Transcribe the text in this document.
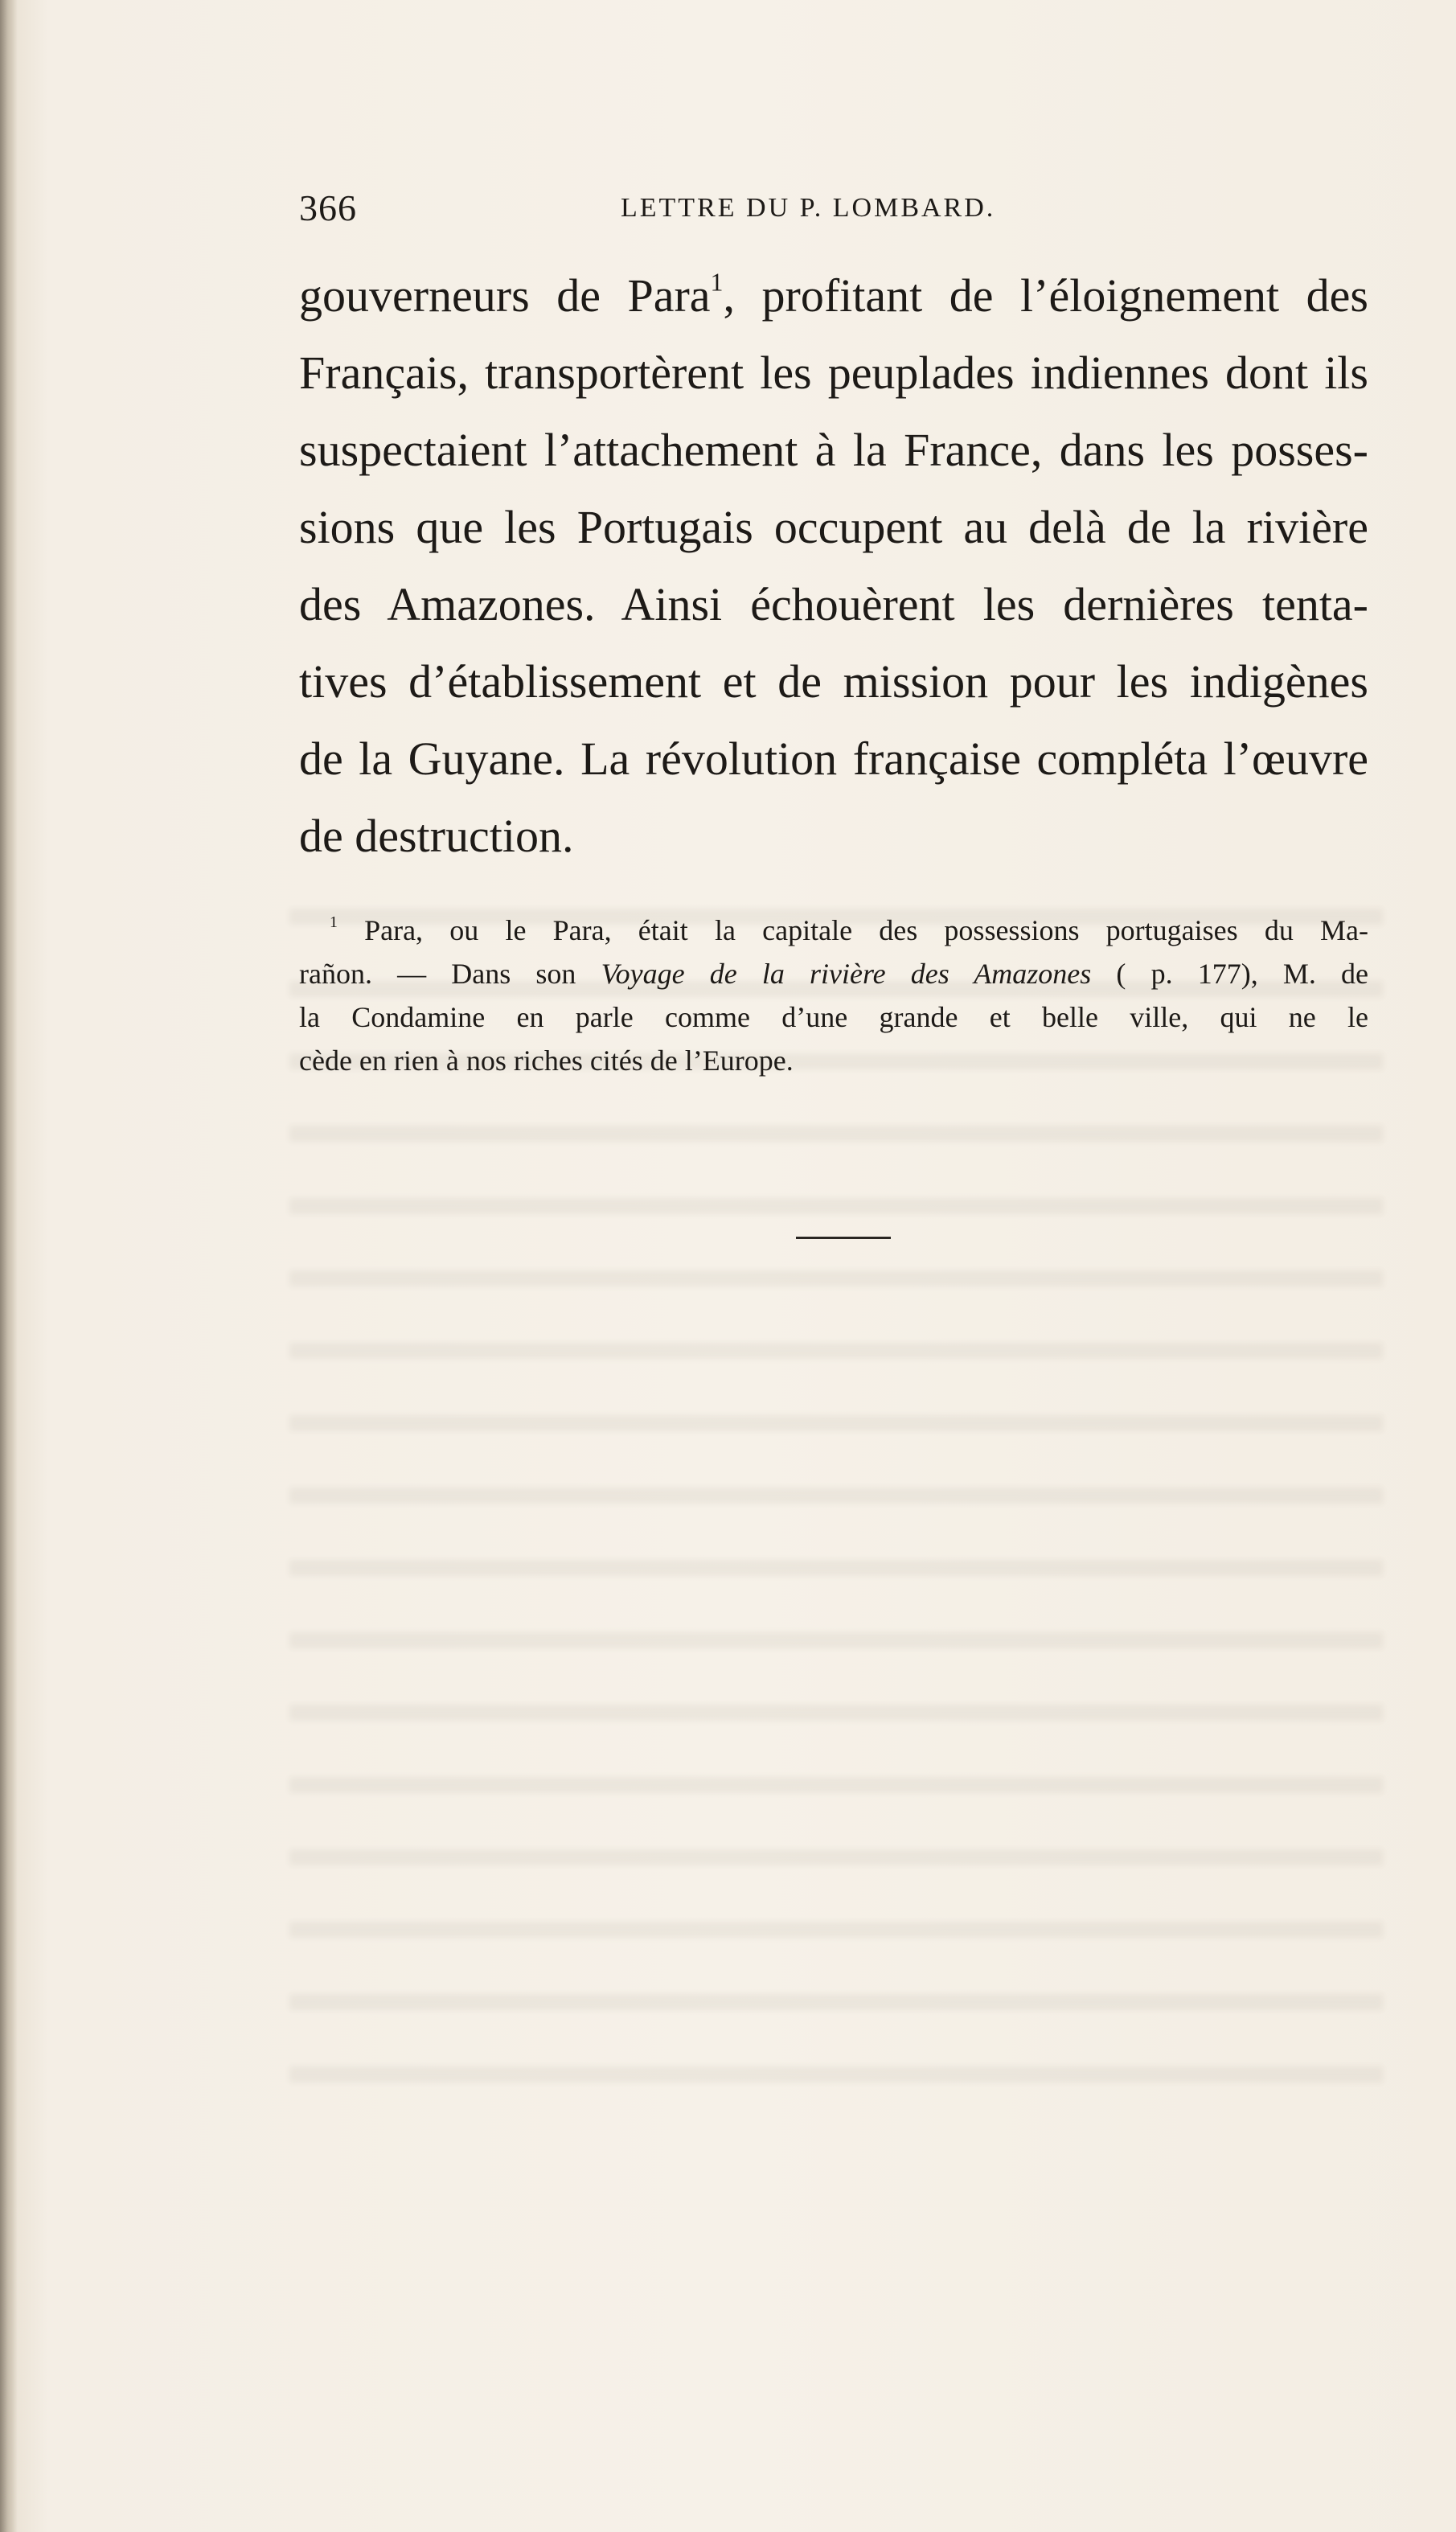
366	LETTRE DU P. LOMBARD.
gouverneurs de Para$^1$, profitant de l’éloignement des
Français, transportèrent les peuplades indiennes dont ils
suspectaient l’attachement à la France, dans les posses-
sions que les Portugais occupent au delà de la rivière
des Amazones. Ainsi échouèrent les dernières tenta-
tives d’établissement et de mission pour les indigènes
de la Guyane. La révolution française compléta l’œuvre
de destruction.
$^1$ Para, ou le Para, était la capitale des possessions portugaises du Ma-
rañon. — Dans son Voyage de la rivière des Amazones ( p. 177), M. de
la Condamine en parle comme d’une grande et belle ville, qui ne le
cède en rien à nos riches cités de l’Europe.
